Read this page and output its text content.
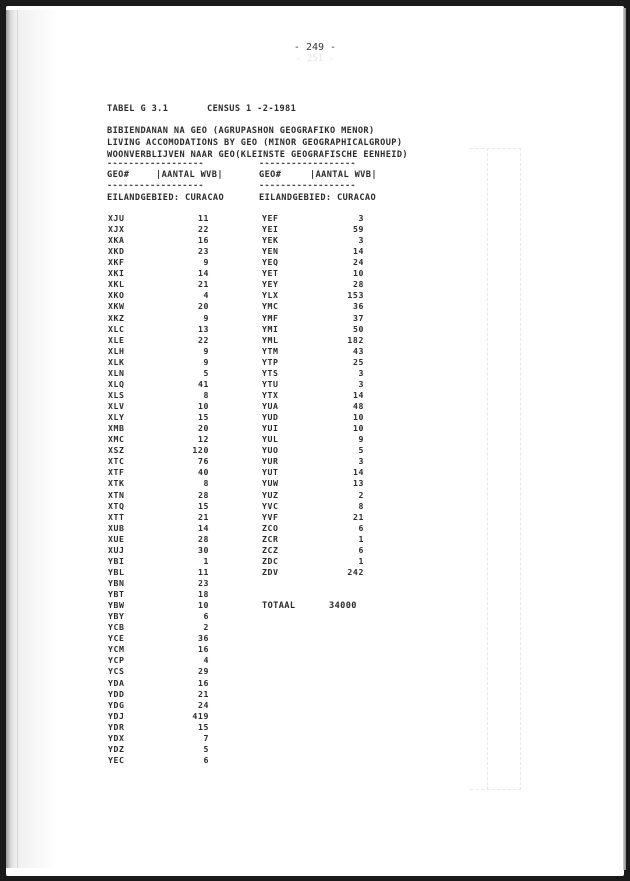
- 249 -
- 251 -
TABEL G 3.1	CENSUS 1 -2-1981
BIBIENDANAN NA GEO (AGRUPASHON GEOGRAFIKO MENOR)
LIVING ACCOMODATIONS BY GEO (MINOR GEOGRAPHICALGROUP)
WOONVERBLIJVEN NAAR GEO(KLEINSTE GEOGRAFISCHE EENHEID)
------------------	------------------
GEO#	|AANTAL WVB|	GEO#	|AANTAL WVB|
------------------	------------------
EILANDGEBIED: CURACAO	EILANDGEBIED: CURACAO
XJU	11
XJX	22
XKA	16
XKD	23
XKF	9
XKI	14
XKL	21
XKO	4
XKW	20
XKZ	9
XLC	13
XLE	22
XLH	9
XLK	9
XLN	5
XLQ	41
XLS	8
XLV	10
XLY	15
XMB	20
XMC	12
XSZ	120
XTC	76
XTF	40
XTK	8
XTN	28
XTQ	15
XTT	21
XUB	14
XUE	28
XUJ	30
YBI	1
YBL	11
YBN	23
YBT	18
YBW	10
YBY	6
YCB	2
YCE	36
YCM	16
YCP	4
YCS	29
YDA	16
YDD	21
YDG	24
YDJ	419
YDR	15
YDX	7
YDZ	5
YEC	6
YEF	3
YEI	59
YEK	3
YEN	14
YEQ	24
YET	10
YEY	28
YLX	153
YMC	36
YMF	37
YMI	50
YML	182
YTM	43
YTP	25
YTS	3
YTU	3
YTX	14
YUA	48
YUD	10
YUI	10
YUL	9
YUO	5
YUR	3
YUT	14
YUW	13
YUZ	2
YVC	8
YVF	21
ZCO	6
ZCR	1
ZCZ	6
ZDC	1
ZDV	242
TOTAAL	34000
